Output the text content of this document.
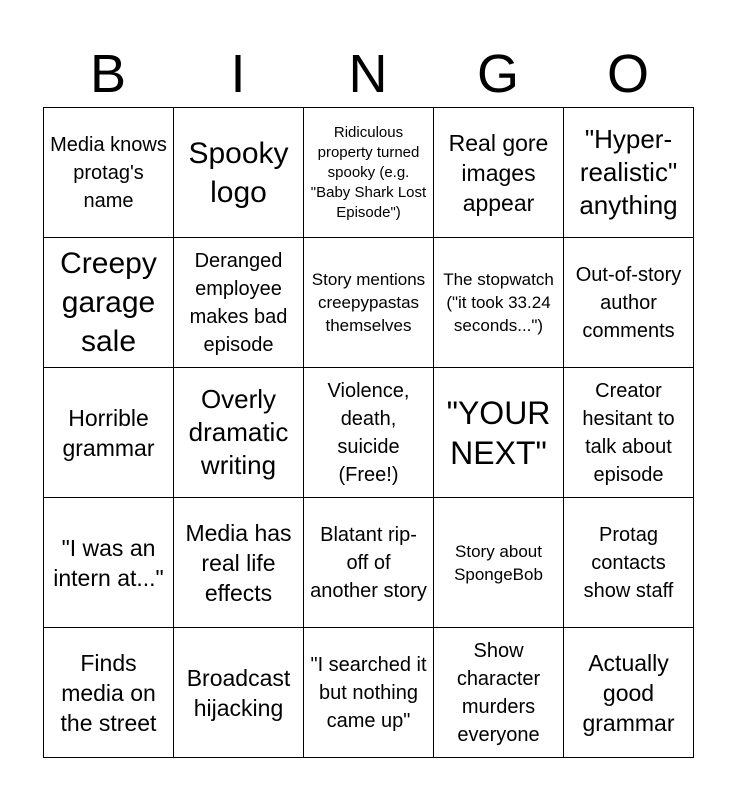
B	I	N	G	O
Media knows protag's name	Spooky logo	Ridiculous property turned spooky (e.g. "Baby Shark Lost Episode")	Real gore images appear	"Hyper-realistic" anything
Creepy garage sale	Deranged employee makes bad episode	Story mentions creepypastas themselves	The stopwatch ("it took 33.24 seconds...")	Out-of-story author comments
Horrible grammar	Overly dramatic writing	Violence, death, suicide (Free!)	"YOUR NEXT"	Creator hesitant to talk about episode
"I was an intern at..."	Media has real life effects	Blatant rip-off of another story	Story about SpongeBob	Protag contacts show staff
Finds media on the street	Broadcast hijacking	"I searched it but nothing came up"	Show character murders everyone	Actually good grammar
